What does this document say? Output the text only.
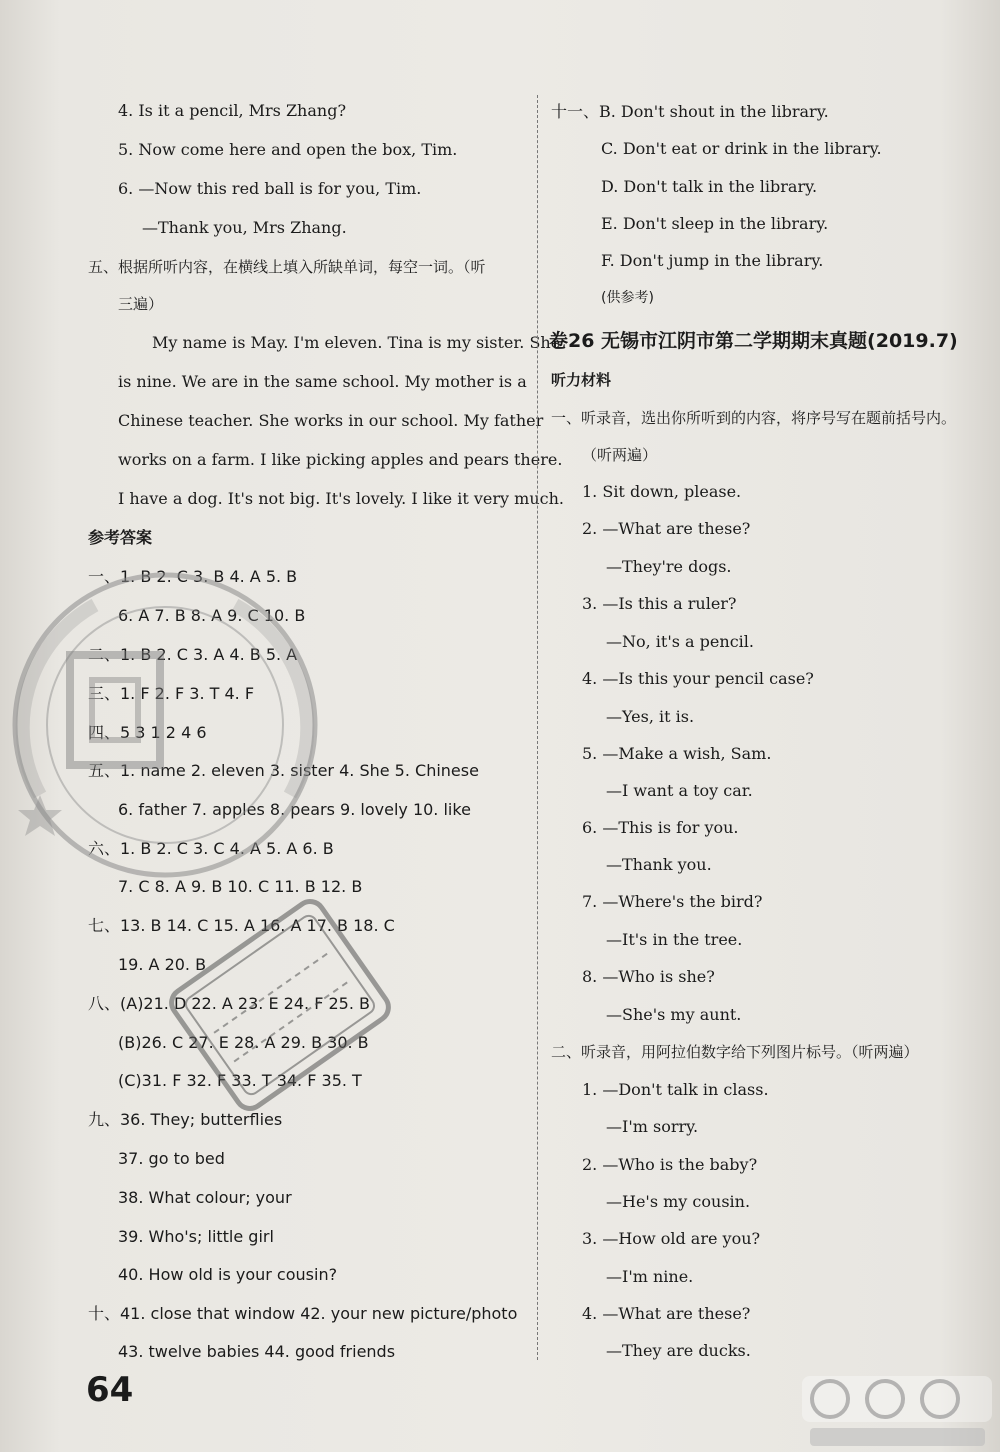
4. Is it a pencil, Mrs Zhang?
5. Now come here and open the box, Tim.
6. —Now this red ball is for you, Tim.
—Thank you, Mrs Zhang.
五、根据所听内容，在横线上填入所缺单词，每空一词。（听
三遍）
My name is May. I'm eleven. Tina is my sister. She
is nine. We are in the same school. My mother is a
Chinese teacher. She works in our school. My father
works on a farm. I like picking apples and pears there.
I have a dog. It's not big. It's lovely. I like it very much.
参考答案
一、1. B 2. C 3. B 4. A 5. B
6. A 7. B 8. A 9. C 10. B
二、1. B 2. C 3. A 4. B 5. A
三、1. F 2. F 3. T 4. F
四、5 3 1 2 4 6
五、1. name 2. eleven 3. sister 4. She 5. Chinese
6. father 7. apples 8. pears 9. lovely 10. like
六、1. B 2. C 3. C 4. A 5. A 6. B
7. C 8. A 9. B 10. C 11. B 12. B
七、13. B 14. C 15. A 16. A 17. B 18. C
19. A 20. B
八、(A)21. D 22. A 23. E 24. F 25. B
(B)26. C 27. E 28. A 29. B 30. B
(C)31. F 32. F 33. T 34. F 35. T
九、36. They; butterflies
37. go to bed
38. What colour; your
39. Who's; little girl
40. How old is your cousin?
十、41. close that window 42. your new picture/photo
43. twelve babies 44. good friends
十一、B. Don't shout in the library.
C. Don't eat or drink in the library.
D. Don't talk in the library.
E. Don't sleep in the library.
F. Don't jump in the library.
(供参考)
卷26 无锡市江阴市第二学期期末真题(2019.7)
听力材料
一、听录音，选出你所听到的内容，将序号写在题前括号内。
（听两遍）
1. Sit down, please.
2. —What are these?
—They're dogs.
3. —Is this a ruler?
—No, it's a pencil.
4. —Is this your pencil case?
—Yes, it is.
5. —Make a wish, Sam.
—I want a toy car.
6. —This is for you.
—Thank you.
7. —Where's the bird?
—It's in the tree.
8. —Who is she?
—She's my aunt.
二、听录音，用阿拉伯数字给下列图片标号。（听两遍）
1. —Don't talk in class.
—I'm sorry.
2. —Who is the baby?
—He's my cousin.
3. —How old are you?
—I'm nine.
4. —What are these?
—They are ducks.
64
